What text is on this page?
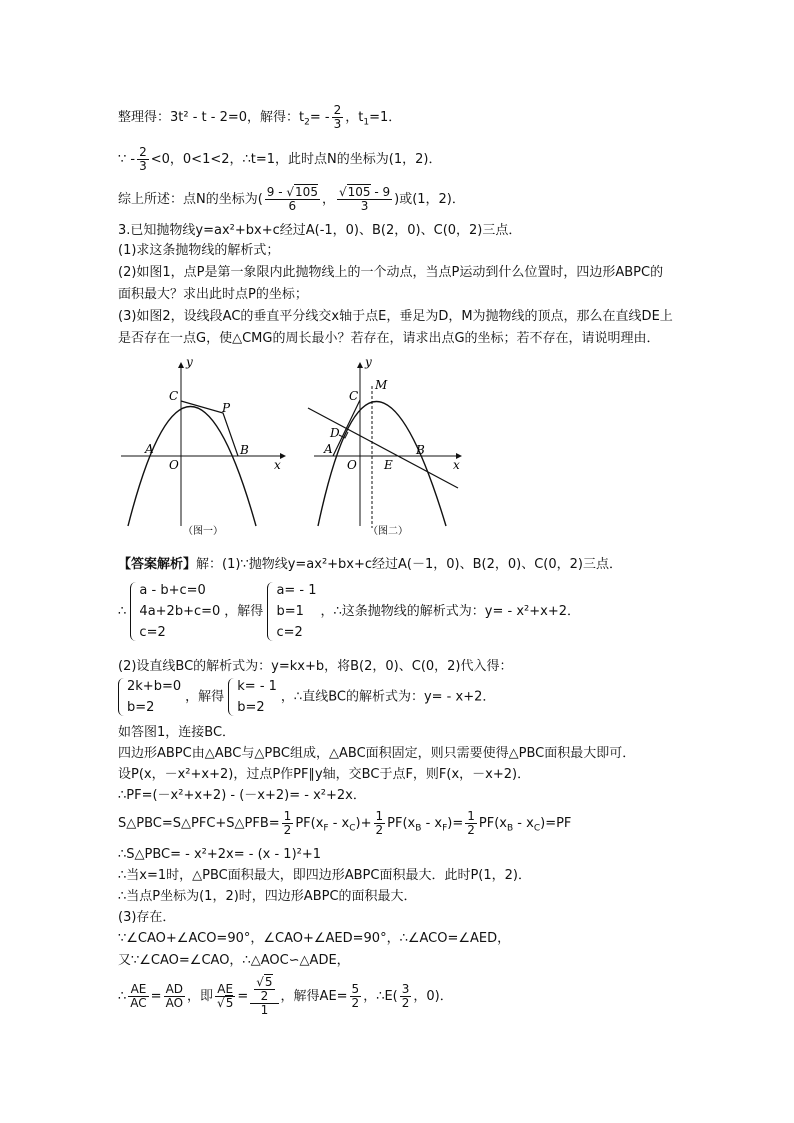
整理得：3t² - t - 2=0，解得：$t_2= - \frac{2}{3}$ ，$t_1=1$．
∵ - $\frac{2}{3} <0$，0<1<2，∴t=1，此时点N的坐标为(1，2)．
综上所述：点N的坐标为( $\frac{9 - √105}{6}$ ， $\frac{√105 - 9}{3}$ )或(1，2)．
3.已知抛物线y=ax²+bx+c经过A(-1，0)、B(2，0)、C(0，2)三点．
(1)求这条抛物线的解析式；
(2)如图1，点P是第一象限内此抛物线上的一个动点，当点P运动到什么位置时，四边形ABPC的
面积最大？求出此时点P的坐标；
(3)如图2，设线段AC的垂直平分线交x轴于点E，垂足为D，M为抛物线的顶点，那么在直线DE上
是否存在一点G，使△CMG的周长最小？若存在，请求出点G的坐标；若不存在，请说明理由．
y
x
C
P
A
O
B
（图一）
y
x
C
M
D
A
O E
B
（图二）
【答案解析】解：(1)∵抛物线y=ax²+bx+c经过A(－1，0)、B(2，0)、C(0，2)三点．
∴
a - b+c=0
4a+2b+c=0
c=2
，解得
a= - 1
b=1
c=2
，∴这条抛物线的解析式为：y= - x²+x+2．
(2)设直线BC的解析式为：y=kx+b，将B(2，0)、C(0，2)代入得：
2k+b=0
b=2
，解得
k= - 1
b=2
，∴直线BC的解析式为：y= - x+2．
如答图1，连接BC．
四边形ABPC由△ABC与△PBC组成，△ABC面积固定，则只需要使得△PBC面积最大即可．
设P(x，－x²+x+2)，过点P作PF∥y轴，交BC于点F，则F(x，－x+2)．
∴PF=(－x²+x+2) - (－x+2)= - x²+2x．
S△PBC=S△PFC+S△PFB= $\frac{1}{2} PF(x_F - x_C)+ \frac{1}{2} PF(x_B - x_F)= \frac{1}{2} PF(x_B - x_C)=PF$
∴S△PBC= - x²+2x= - (x - 1)²+1
∴当x=1时，△PBC面积最大，即四边形ABPC面积最大．此时P(1，2)．
∴当点P坐标为(1，2)时，四边形ABPC的面积最大．
(3)存在．
∵∠CAO+∠ACO=90°，∠CAO+∠AED=90°，∴∠ACO=∠AED，
又∵∠CAO=∠CAO，∴△AOC∽△ADE，
∴ $\frac{AE}{AC} = \frac{AD}{AO}$ ，即 $\frac{AE}{√5} = \frac{\frac{√5}{2}}{1}$ ，解得$AE= \frac{5}{2}$ ，∴E( $\frac{3}{2}$ ，0)．
